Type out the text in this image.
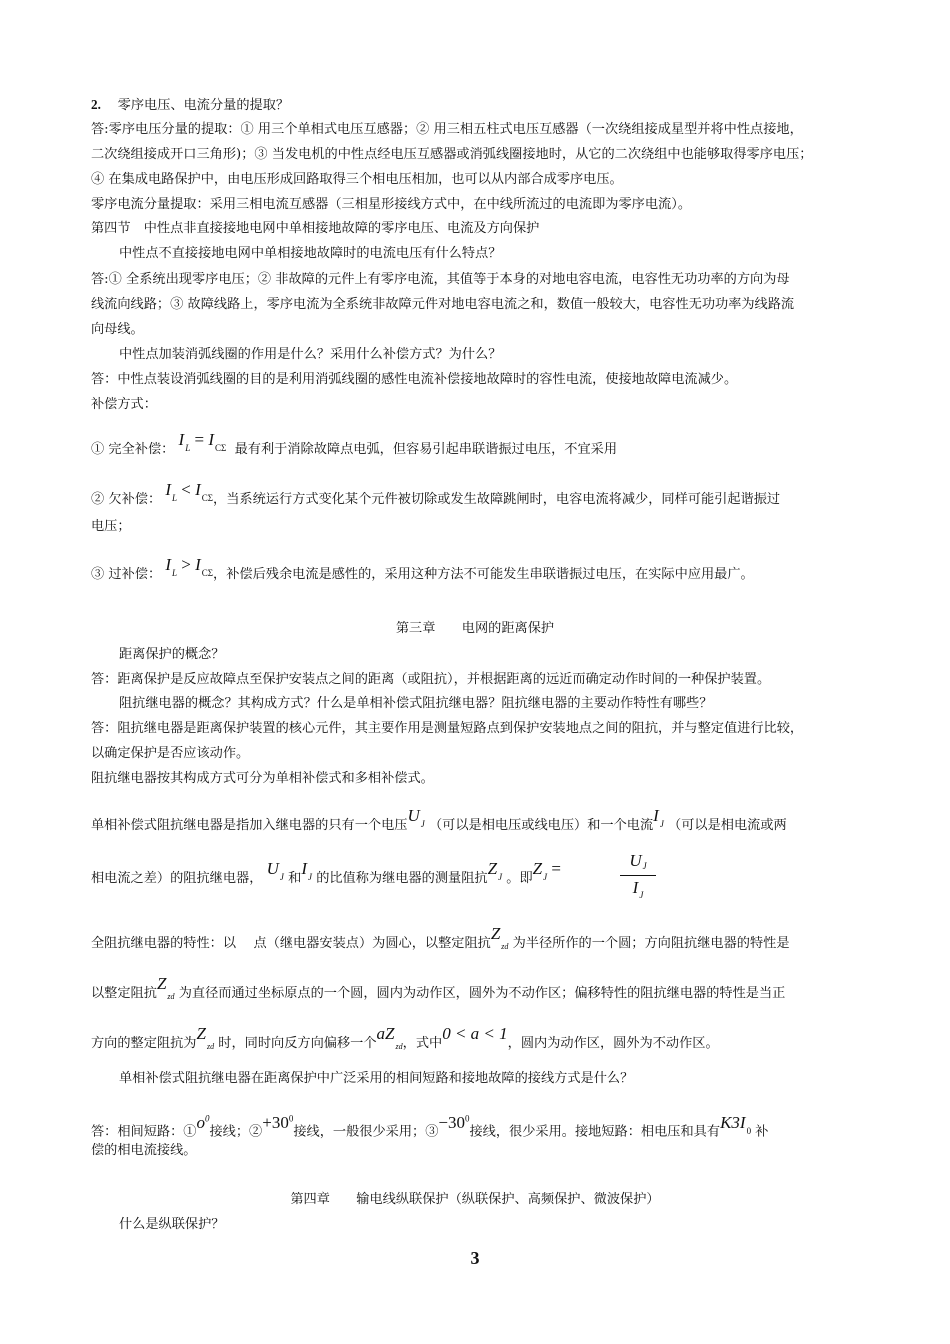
2. 零序电压、电流分量的提取？
答:零序电压分量的提取：① 用三个单相式电压互感器；② 用三相五柱式电压互感器（一次绕组接成星型并将中性点接地，
二次绕组接成开口三角形)；③ 当发电机的中性点经电压互感器或消弧线圈接地时，从它的二次绕组中也能够取得零序电压；
④ 在集成电路保护中，由电压形成回路取得三个相电压相加，也可以从内部合成零序电压。
零序电流分量提取：采用三相电流互感器（三相星形接线方式中，在中线所流过的电流即为零序电流）。
第四节　中性点非直接接地电网中单相接地故障的零序电压、电流及方向保护
中性点不直接接地电网中单相接地故障时的电流电压有什么特点？
答:① 全系统出现零序电压；② 非故障的元件上有零序电流，其值等于本身的对地电容电流，电容性无功功率的方向为母
线流向线路；③ 故障线路上，零序电流为全系统非故障元件对地电容电流之和，数值一般较大，电容性无功功率为线路流
向母线。
中性点加装消弧线圈的作用是什么？采用什么补偿方式？为什么？
答：中性点装设消弧线圈的目的是利用消弧线圈的感性电流补偿接地故障时的容性电流，使接地故障电流减少。
补偿方式：
① 完全补偿： $I_L = I_{C\Sigma}$ 最有利于消除故障点电弧，但容易引起串联谐振过电压，不宜采用
② 欠补偿： $I_L < I_{C\Sigma}$，当系统运行方式变化某个元件被切除或发生故障跳闸时，电容电流将减少，同样可能引起谐振过
电压；
③ 过补偿： $I_L > I_{C\Sigma}$，补偿后残余电流是感性的，采用这种方法不可能发生串联谐振过电压，在实际中应用最广。
第三章　　电网的距离保护
距离保护的概念？
答：距离保护是反应故障点至保护安装点之间的距离（或阻抗），并根据距离的远近而确定动作时间的一种保护装置。
阻抗继电器的概念？其构成方式？什么是单相补偿式阻抗继电器？阻抗继电器的主要动作特性有哪些？
答：阻抗继电器是距离保护装置的核心元件，其主要作用是测量短路点到保护安装地点之间的阻抗，并与整定值进行比较，
以确定保护是否应该动作。
阻抗继电器按其构成方式可分为单相补偿式和多相补偿式。
单相补偿式阻抗继电器是指加入继电器的只有一个电压$U_J$ （可以是相电压或线电压）和一个电流$I_J$ （可以是相电流或两
相电流之差）的阻抗继电器， $U_J$ 和$I_J$ 的比值称为继电器的测量阻抗$Z_J$ 。即$Z_J$ =	UJ
$I_J$
全阻抗继电器的特性：以　 点（继电器安装点）为圆心，以整定阻抗$Z_{zd}$ 为半径所作的一个圆；方向阻抗继电器的特性是
以整定阻抗$Z_{zd}$ 为直径而通过坐标原点的一个圆，圆内为动作区，圆外为不动作区；偏移特性的阻抗继电器的特性是当正
方向的整定阻抗为$Z_{zd}$ 时，同时向反方向偏移一个$aZ_{zd}$，式中0 < a < 1，圆内为动作区，圆外为不动作区。
单相补偿式阻抗继电器在距离保护中广泛采用的相间短路和接地故障的接线方式是什么？
答：相间短路：$①o^0$接线；$②+30^0$接线，一般很少采用；$③-30^0$接线，很少采用。接地短路：相电压和具有$K3I_0$ 补
偿的相电流接线。
第四章　　输电线纵联保护（纵联保护、高频保护、微波保护）
什么是纵联保护？
3
